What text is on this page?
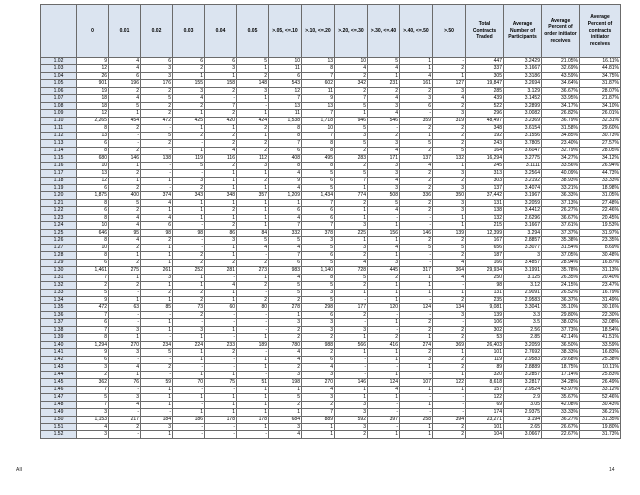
	0	0.01	0.02	0.03	0.04	0.05	>.05, <=.10	>.10, <=.20	>.20, <=.30	>.30, <=.40	>.40, <=.50	>.50	Total Contracts Traded	Average Number of Participants	Average Percent of order initiator receives	Average Percent of contracts initiator receives
1.02	9	4	6	6	6	5	10	13	10	5	1	-	447	3.2429	21.05%	16.11%
1.03	12	4	3	2	3	1	11	8	4	4	1	2	337	3.1667	32.69%	44.81%
1.04	26	6	3	1	1	2	6	7	2	1	4	1	305	3.3186	43.59%	34.75%
1.05	901	196	176	155	158	148	543	602	342	231	161	127	19,847	3.2694	34.64%	31.87%
1.06	19	2	2	3	2	3	12	11	2	2	2	3	285	3.129	36.67%	28.07%
1.07	18	4	5	4	-	1	7	9	7	4	3	4	439	3.1452	33.95%	21.87%
1.08	18	5	2	2	7	-	13	13	5	3	6	2	522	3.2899	34.17%	34.10%
1.09	12	1	2	1	2	1	11	7	1	4	-	3	296	3.0082	26.82%	26.01%
1.10	2,265	454	472	425	420	424	1,538	1,718	946	546	359	319	48,497	3.2369	36.79%	32.31%
1.11	8	2	-	1	1	2	8	10	5	-	2	2	348	3.6154	31.58%	29.60%
1.12	13	-	5	2	2	1	8	7	3	2	1	2	192	3.1556	34.85%	30.73%
1.13	6	-	2	-	2	2	7	8	5	3	5	2	243	3.7805	23.40%	27.57%
1.14	8	2	-	1	4	2	6	8	2	4	2	5	164	3.6047	32.79%	28.05%
1.15	680	146	138	119	116	112	408	495	283	171	137	132	16,294	3.2775	34.27%	34.12%
1.16	10	1	-	5	2	3	8	8	2	3	4	1	245	3.1111	33.56%	26.94%
1.17	13	2	-	-	1	1	4	5	5	3	2	3	313	3.2564	40.09%	44.73%
1.18	12	1	1	3	1	2	9	6	7	4	2	2	303	3.2192	38.93%	33.33%
1.19	6	2	-	2	1	1	4	5	1	3	2	3	137	3.4074	33.21%	18.98%
1.20	1,875	400	374	343	348	357	1,209	1,434	774	508	336	350	37,442	3.1967	36.33%	31.05%
1.21	8	5	4	1	1	1	1	7	2	5	2	3	131	3.2059	37.13%	27.48%
1.22	6	2	1	1	2	1	6	6	1	4	2	3	138	3.4412	26.27%	22.46%
1.23	8	4	4	1	1	1	4	6	1	-	-	1	132	2.6296	36.67%	20.45%
1.24	10	4	6	-	2	1	7	7	3	1	-	1	215	3.1667	37.61%	19.53%
1.25	646	95	98	98	86	84	332	378	225	156	146	139	12,399	3.294	37.37%	31.97%
1.26	8	4	2	-	3	5	5	3	1	1	2	2	167	2.8857	35.38%	23.35%
1.27	10	2	1	-	1	4	4	5	3	4	5	5	656	3.3077	31.54%	8.69%
1.28	8	1	1	2	1	-	7	6	2	1	-	2	187	3	37.05%	30.48%
1.29	6	2	1	2	2	2	6	5	4	3	-	4	166	3.4857	28.94%	16.87%
1.30	1,461	275	261	252	281	273	983	1,140	728	445	317	364	29,934	3.1991	35.78%	31.13%
1.31	7	1	3	1	-	1	4	8	5	2	1	4	250	3.125	26.35%	20.40%
1.32	2	2	1	1	4	2	5	5	2	1	1	-	98	3.12	24.15%	23.47%
1.33	5	-	2	2	1	-	5	3	1	1	1	1	131	2.9091	26.52%	16.79%
1.34	9	1	1	2	1	2	2	5	-	1	-	2	235	2.9583	36.37%	31.49%
1.35	472	63	85	73	60	80	278	298	177	120	124	134	9,081	3.3041	35.10%	30.16%
1.36	7	-	-	2	-	-	1	6	2	-	-	3	139	3.3	29.80%	22.30%
1.37	6	-	1	-	-	-	3	3	-	1	2	-	106	3.5	38.02%	32.08%
1.38	7	3	1	3	1	-	2	3	3	-	2	2	302	2.56	37.73%	18.54%
1.39	8	1	-	1	-	1	2	2	1	2	1	2	53	2.85	42.14%	41.51%
1.40	1,294	270	234	224	233	189	780	988	566	416	274	369	26,403	3.2059	36.50%	33.59%
1.41	9	3	5	1	2	-	4	2	1	1	2	1	101	2.7692	38.33%	16.83%
1.42	6	-	-	1	-	1	4	6	-	1	3	2	119	2.9583	29.68%	25.38%
1.43	3	4	2	-	-	1	2	4	-	-	1	2	89	2.8889	18.75%	10.11%
1.44	2	1	-	1	1	-	3	3	-	1	-	1	320	3.2857	17.14%	25.83%
1.45	362	76	59	70	75	51	198	270	146	124	107	122	8,618	3.2817	34.28%	26.49%
1.46	7	-	1	-	-	1	1	4	1	4	1	1	157	2.9524	43.97%	33.12%
1.47	5	3	1	1	1	1	5	3	1	1	-	-	122	2.9	35.67%	52.46%
1.48	7	4	1	-	1	1	2	2	3	-	1	-	69	3.05	42.08%	30.43%
1.49	3	-	-	1	1	1	1	7	3	-	-	-	174	2.9375	33.33%	36.21%
1.50	1,153	217	184	186	178	178	684	889	592	397	258	394	23,271	3.194	36.27%	31.35%
1.51	4	2	3	-	-	1	3	1	3	-	1	2	101	2.65	26.67%	19.80%
1.52	3	-	1	-	-	-	4	1	2	1	1	2	104	3.0667	22.67%	31.73%
AII	14
